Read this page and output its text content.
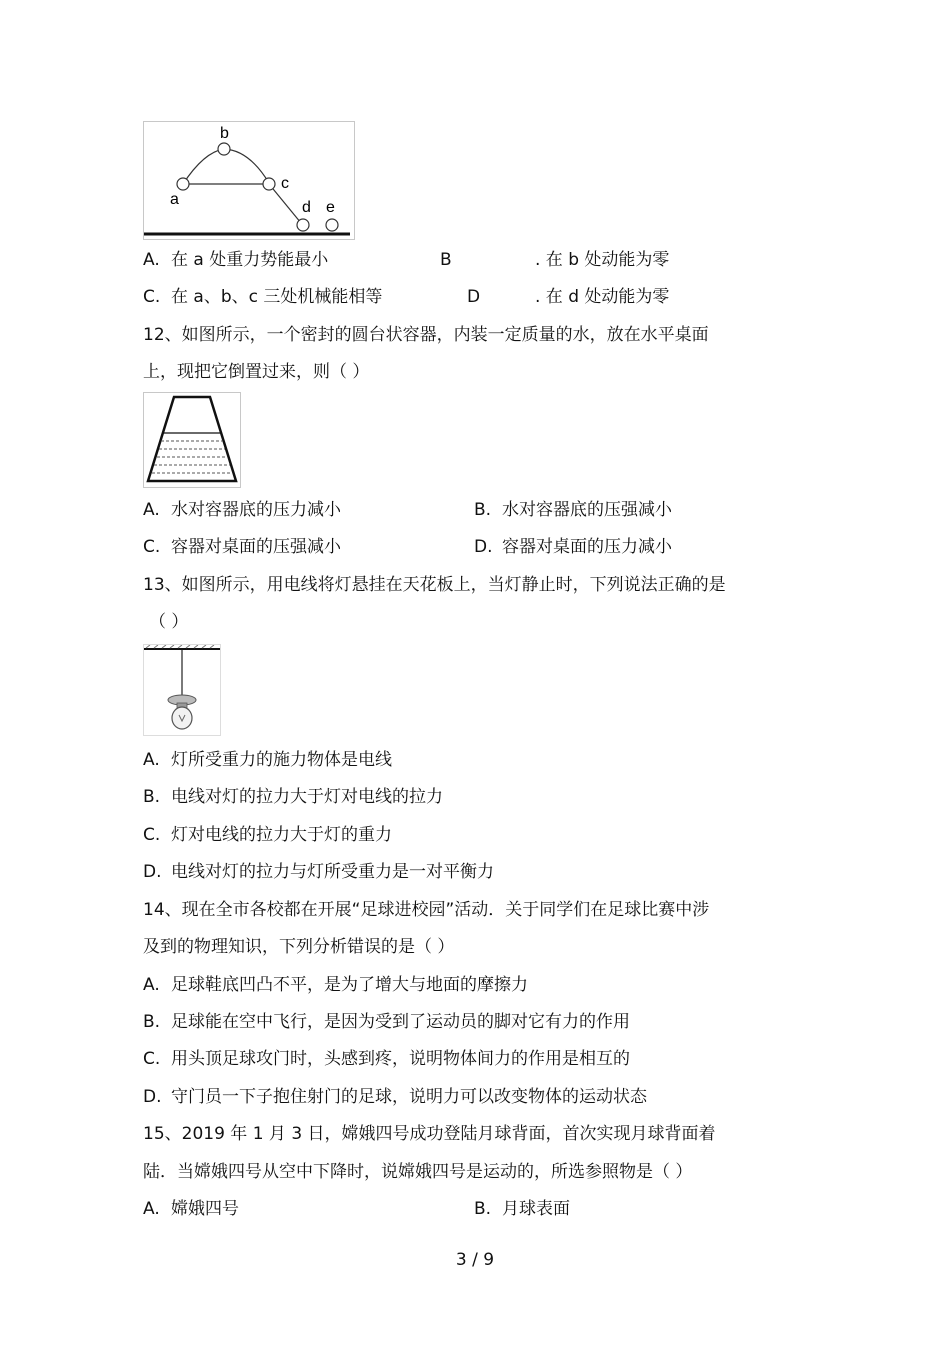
b
a
c
d e
A. 在 a 处重力势能最小	B	. 在 b 处动能为零
C. 在 a、b、c 三处机械能相等	D	. 在 d 处动能为零
12、如图所示，一个密封的圆台状容器，内装一定质量的水，放在水平桌面
上，现把它倒置过来，则（ ）
A. 水对容器底的压力减小	B. 水对容器底的压强减小
C. 容器对桌面的压强减小	D. 容器对桌面的压力减小
13、如图所示，用电线将灯悬挂在天花板上，当灯静止时，下列说法正确的是
（ ）
A. 灯所受重力的施力物体是电线
B. 电线对灯的拉力大于灯对电线的拉力
C. 灯对电线的拉力大于灯的重力
D. 电线对灯的拉力与灯所受重力是一对平衡力
14、现在全市各校都在开展“足球进校园”活动．关于同学们在足球比赛中涉
及到的物理知识，下列分析错误的是（ ）
A. 足球鞋底凹凸不平，是为了增大与地面的摩擦力
B. 足球能在空中飞行，是因为受到了运动员的脚对它有力的作用
C. 用头顶足球攻门时，头感到疼，说明物体间力的作用是相互的
D. 守门员一下子抱住射门的足球，说明力可以改变物体的运动状态
15、2019 年 1 月 3 日，嫦娥四号成功登陆月球背面，首次实现月球背面着
陆．当嫦娥四号从空中下降时，说嫦娥四号是运动的，所选参照物是（ ）
A. 嫦娥四号	B. 月球表面
3 / 9
